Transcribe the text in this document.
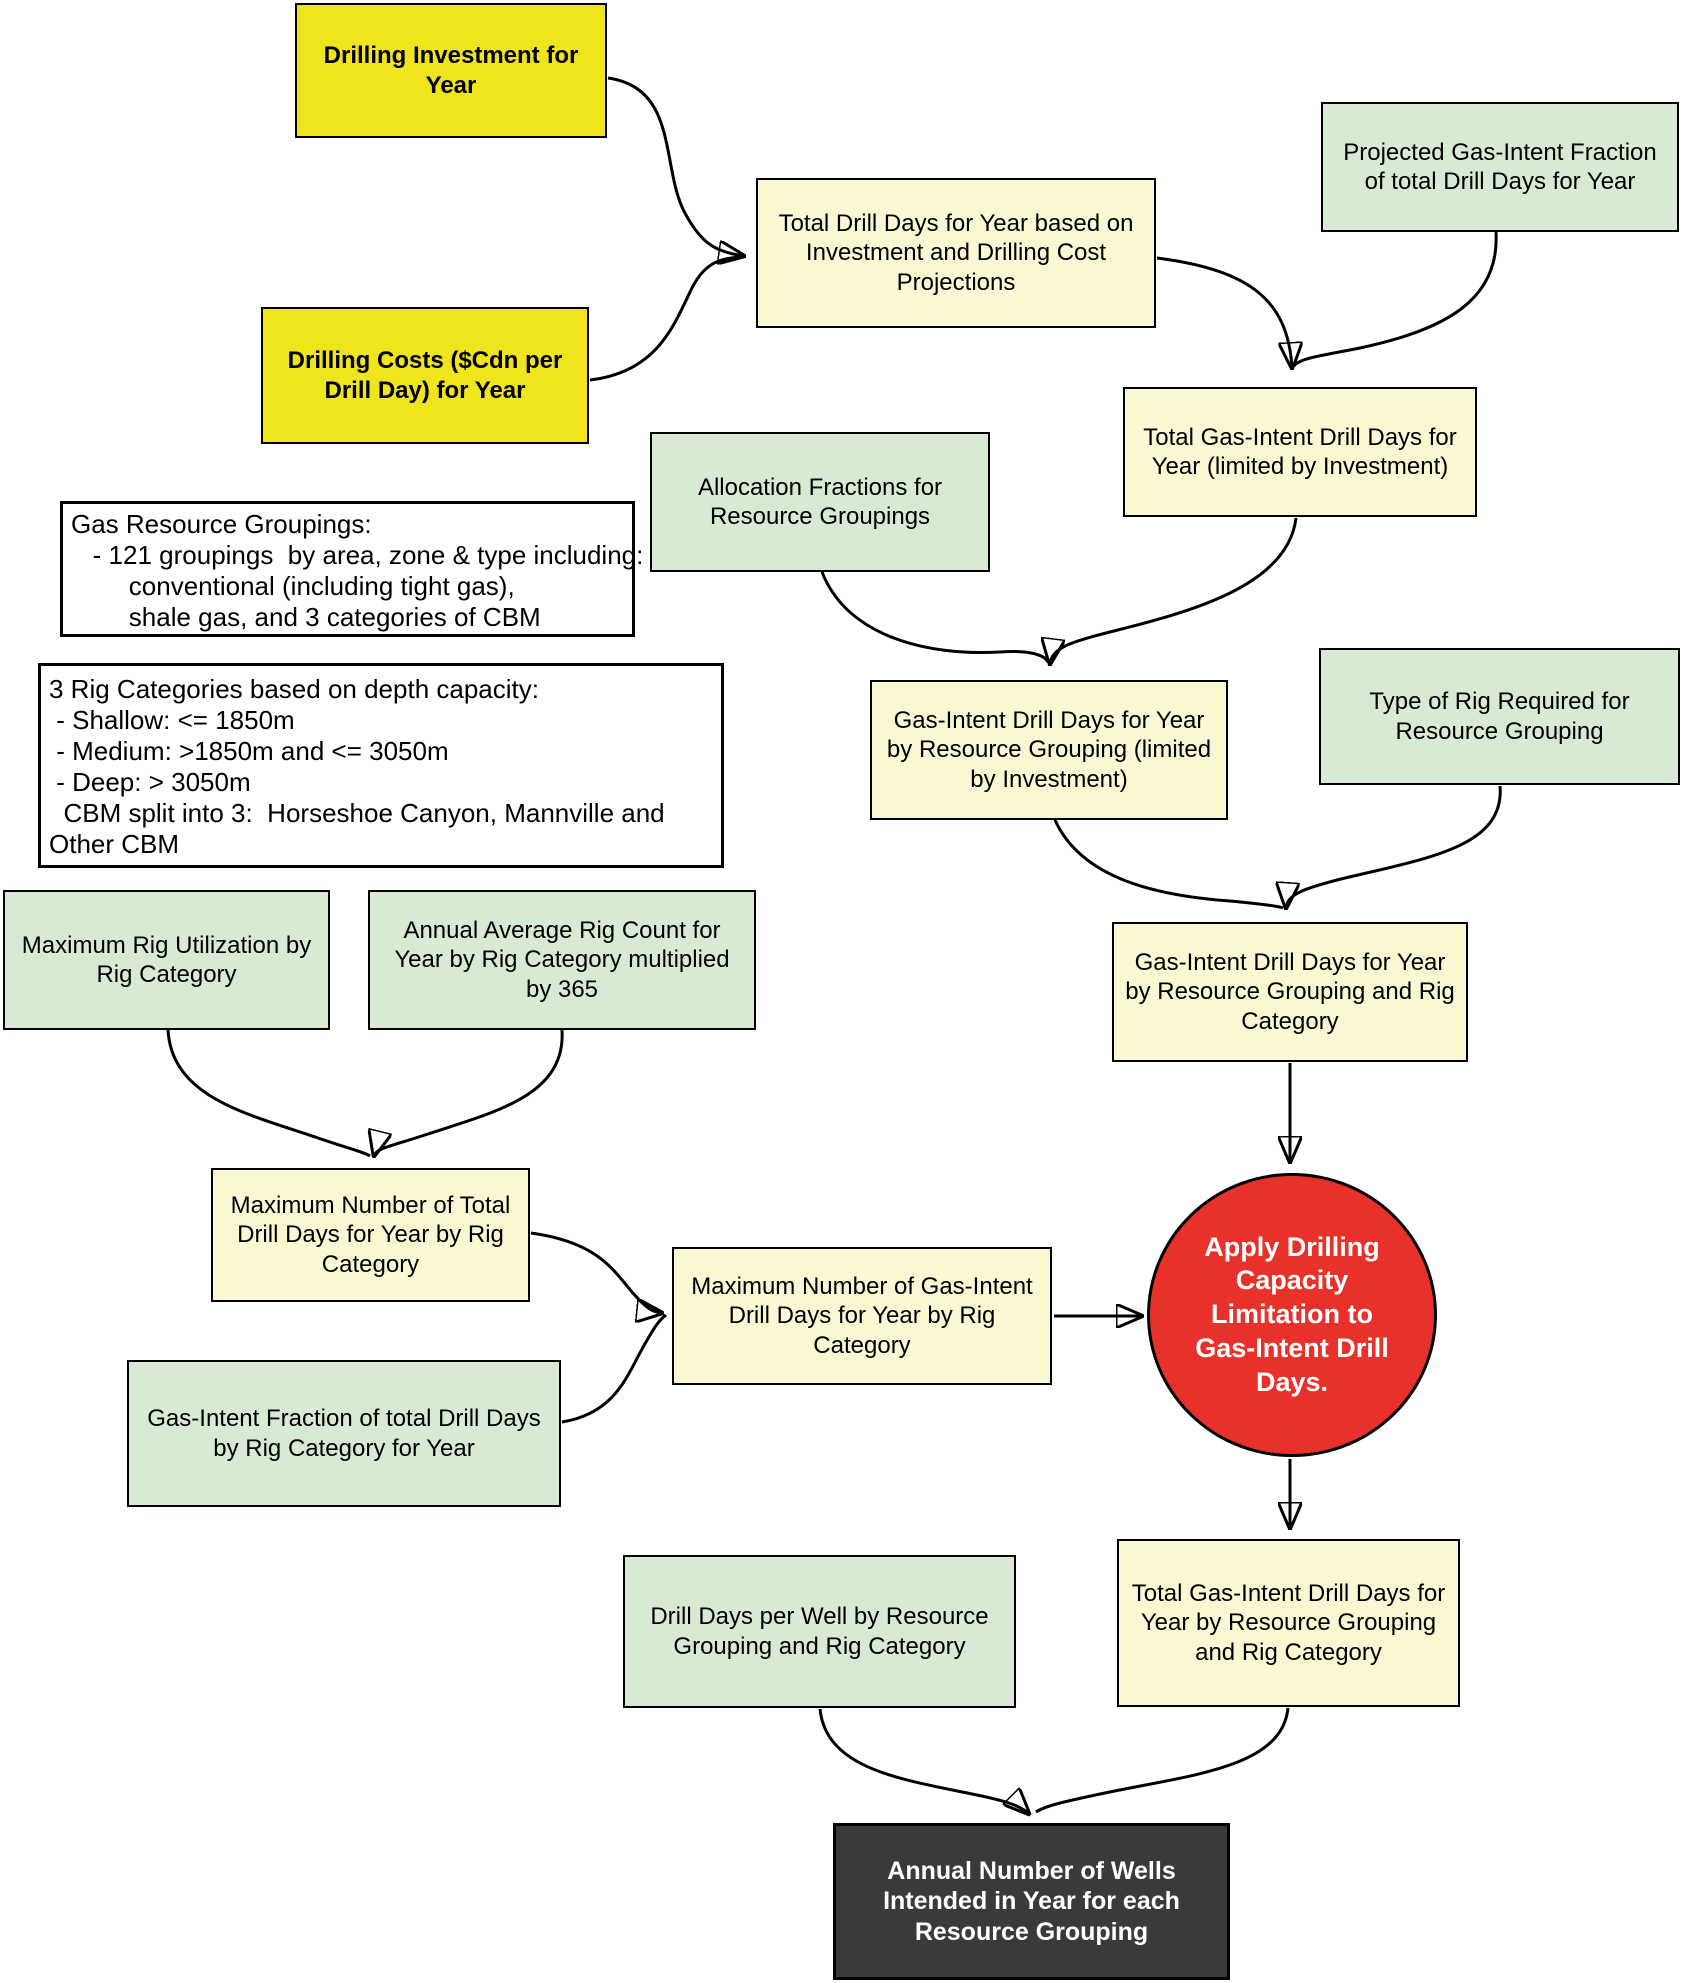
Drilling Investment for Year
Drilling Costs ($Cdn per Drill Day) for Year
Total Drill Days for Year based on Investment and Drilling Cost Projections
Projected Gas-Intent Fraction of total Drill Days for Year
Total Gas-Intent Drill Days for Year (limited by Investment)
Allocation Fractions for Resource Groupings
Gas Resource Groupings:
- 121 groupings  by area, zone & type including:
conventional (including tight gas),
shale gas, and 3 categories of CBM
3 Rig Categories based on depth capacity:
- Shallow: <= 1850m
- Medium: >1850m and <= 3050m
- Deep: > 3050m
CBM split into 3:  Horseshoe Canyon, Mannville and
Other CBM
Gas-Intent Drill Days for Year by Resource Grouping (limited by Investment)
Type of Rig Required for Resource Grouping
Gas-Intent Drill Days for Year by Resource Grouping and Rig Category
Maximum Rig Utilization by Rig Category
Annual Average Rig Count for Year by Rig Category multiplied by 365
Maximum Number of Total Drill Days for Year by Rig Category
Gas-Intent Fraction of total Drill Days by Rig Category for Year
Maximum Number of Gas-Intent Drill Days for Year by Rig Category
Apply Drilling Capacity Limitation to Gas-Intent Drill Days.
Total Gas-Intent Drill Days for Year by Resource Grouping and Rig Category
Drill Days per Well by Resource Grouping and Rig Category
Annual Number of Wells Intended in Year for each Resource Grouping
